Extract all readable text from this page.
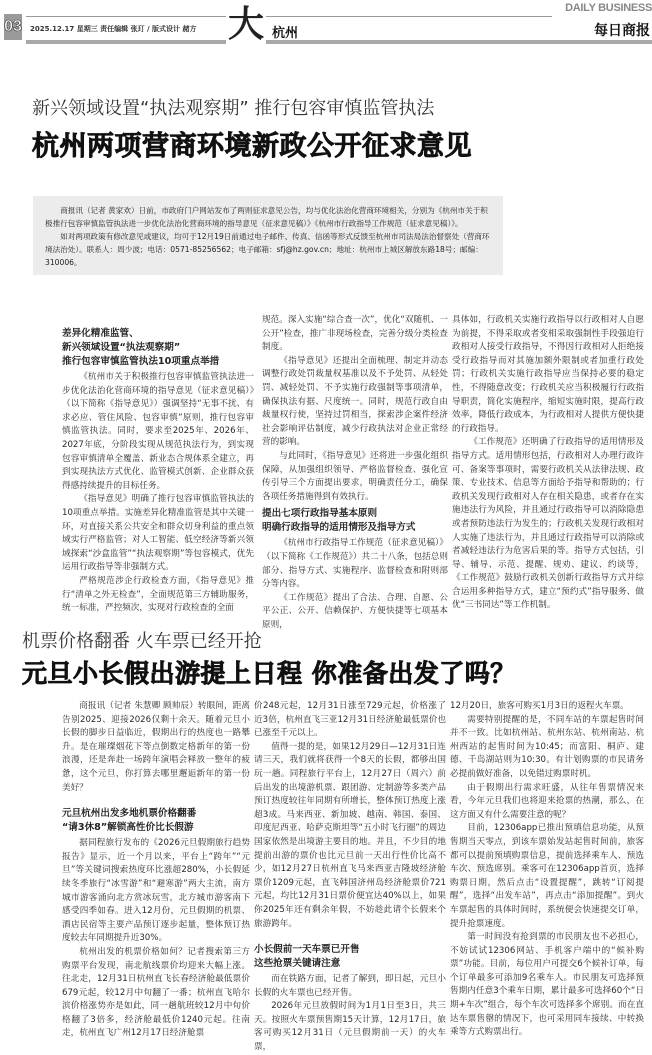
03 2025.12.17 星期三 责任编辑 张玎 / 版式设计 赭方 大 杭州
DAILY BUSINESS
每日商报
新兴领域设置“执法观察期” 推行包容审慎监管执法
杭州两项营商环境新政公开征求意见

商报讯（记者 黄家欢）日前，市政府门户网站发布了两则征求意见公告，均与优化法治化营商环境相关，分别为《杭州市关于积极推行包容审慎监管执法进一步优化法治化营商环境的指导意见（征求意见稿）》《杭州市行政指导工作规范（征求意见稿）》。

如对两项政策有修改意见或建议，均可于12月19日前通过电子邮件、传真、信函等形式反馈至杭州市司法局法治督察处（营商环境法治处）。联系人：周少波；电话：0571-85256562；电子邮箱：sfj@hz.gov.cn；地址：杭州市上城区解放东路18号；邮编：310006。

差异化精准监管、
新兴领域设置“执法观察期”
推行包容审慎监管执法10项重点举措

《杭州市关于积极推行包容审慎监管执法进一步优化法治化营商环境的指导意见（征求意见稿）》（以下简称《指导意见》）强调坚持“无事不扰、有求必应、管住风险、包容审慎”原则，推行包容审慎监管执法。同时，要求至2025年、2026年、2027年底，分阶段实现从规范执法行为，到实现包容审慎清单全覆盖、新业态合规体系全建立，再到实现执法方式优化、监管模式创新、企业群众获得感持续提升的目标任务。

《指导意见》明确了推行包容审慎监管执法的10项重点举措。实施差异化精准监管是其中关键一环，对直接关系公共安全和群众切身利益的重点领域实行严格监管；对人工智能、低空经济等新兴领域探索“沙盒监管”“执法观察期”等包容模式，优先运用行政指导等非强制方式。

严格规范涉企行政检查方面，《指导意见》推行“清单之外无检查”，全面规范第三方辅助服务，统一标准，严控频次，实现对行政检查的全面

规范。深入实施“综合查一次”，优化“双随机、一公开”检查，推广非现场检查，完善分级分类检查制度。

《指导意见》还提出全面梳理、制定并动态调整行政处罚裁量权基准以及不予处罚、从轻处罚、减轻处罚、不予实施行政强制等事项清单，确保执法有据、尺度统一。同时，规范行政自由裁量权行使，坚持过罚相当，探索涉企案件经济社会影响评估制度，减少行政执法对企业正常经营的影响。

与此同时，《指导意见》还将进一步强化组织保障，从加强组织领导、严格监督检查、强化宣传引导三个方面提出要求，明确责任分工，确保各项任务措施得到有效执行。

提出七项行政指导基本原则
明确行政指导的适用情形及指导方式

《杭州市行政指导工作规范（征求意见稿）》（以下简称《工作规范》）共二十八条，包括总则部分、指导方式、实施程序、监督检查和附则部分等内容。

《工作规范》提出了合法、合理、自愿、公平公正、公开、信赖保护、方便快捷等七项基本原则，

具体如，行政机关实施行政指导以行政相对人自愿为前提，不得采取或者变相采取强制性手段强迫行政相对人接受行政指导，不得因行政相对人拒绝接受行政指导而对其施加额外限制或者加重行政处罚；行政机关实施行政指导应当保持必要的稳定性，不得随意改变；行政机关应当积极履行行政指导职责，简化实施程序，缩短实施时限，提高行政效率，降低行政成本，为行政相对人提供方便快捷的行政指导。

《工作规范》还明确了行政指导的适用情形及指导方式。适用情形包括，行政相对人办理行政许可、备案等事项时，需要行政机关从法律法规、政策、专业技术、信息等方面给予指导和帮助的；行政机关发现行政相对人存在相关隐患，或者存在实施违法行为风险，并且通过行政指导可以消除隐患或者预防违法行为发生的；行政机关发现行政相对人实施了违法行为，并且通过行政指导可以消除或者减轻违法行为危害后果的等。指导方式包括，引导、辅导、示范、提醒、规劝、建议、约谈等，《工作规范》鼓励行政机关创新行政指导方式并综合运用多种指导方式，建立“预约式”指导服务、做优“三书同达”等工作机制。

机票价格翻番 火车票已经开抢
元旦小长假出游提上日程 你准备出发了吗？

商报讯（记者 朱慧卿 顾帅辰）转眼间，距离告别2025、迎接2026仅剩十余天。随着元旦小长假的脚步日益临近，假期出行的热度也一路攀升。是在璀璨烟花下等点倒数定格新年的第一份浪漫，还是奔赴一场跨年演唱会释放一整年的疲惫，这个元旦，你打算去哪里邂逅新年的第一份美好？

元旦杭州出发多地机票价格翻番
“请3休8”解锁高性价比长假游

据同程旅行发布的《2026元旦假期旅行趋势报告》显示，近一个月以来，平台上“跨年”“元旦”等关键词搜索热度环比涨超280%，小长假延续冬季旅行“冰雪游”和“避寒游”两大主流，南方城市游客涌向北方赏冰玩雪，北方城市游客南下感受四季如春。进入12月份，元旦假期的机票、酒店民宿等主要产品预订逐步起量，整体预订热度较去年同期提升近30%。

杭州出发的机票价格如何？记者搜索第三方购票平台发现，南北航线票价均迎来大幅上涨。往北走，12月31日杭州直飞长春经济舱最低票价679元起，较12月中旬翻了一番；杭州直飞哈尔滨价格涨势亦是如此，同一趟航班较12月中旬价格翻了3倍多，经济舱最低价1240元起。往南走，杭州直飞广州12月17日经济舱票

价248元起，12月31日涨至729元起，价格涨了近3倍，杭州直飞三亚12月31日经济舱最低票价也已涨至千元以上。

值得一提的是，如果12月29日—12月31日连请三天，我们就将获得一个8天的长假，都够出国玩一趟。同程旅行平台上，12月27日（周六）前后出发的出境游机票、跟团游、定制游等多类产品预订热度较往年同期有所增长，整体预订热度上涨超3成。马来西亚、新加坡、越南、韩国、泰国、印度尼西亚、哈萨克斯坦等“五小时飞行圈”的周边国家依然是出境游主要目的地。并且，不少目的地提前出游的票价也比元旦前一天出行性价比高不少，如12月27日杭州直飞马来西亚吉隆坡经济舱票价1209元起，直飞韩国济州岛经济舱票价721元起，均比12月31日票价便宜达40%以上，如果你2025年还有剩余年假，不妨趁此请个长假来个旅游跨年。

小长假前一天车票已开售
这些抢票关键请注意

而在铁路方面，记者了解到，即日起，元旦小长假的火车票也已经开售。

2026年元旦放假时间为1月1日至3日，共三天。按照火车票预售期15天计算，12月17日，旅客可购买12月31日（元旦假期前一天）的火车票，

12月20日，旅客可购买1月3日的返程火车票。

需要特别提醒的是，不同车站的车票起售时间并不一致。比如杭州站、杭州东站、杭州南站、杭州西站的起售时间为10:45；而富阳、桐庐、建德、千岛湖站则为10:30。有计划购票的市民请务必提前做好准备，以免错过购票时机。

由于假期出行需求旺盛，从往年售票情况来看，今年元旦我们也将迎来抢票的热潮，那么，在这方面又有什么需要注意的呢？

目前，12306app已推出预填信息功能，从预售期当天零点，到该车票始发站起售时间前，旅客都可以提前预填购票信息，提前选择乘车人、预选车次、预选席别。乘客可在12306app首页，选择购票日期，然后点击“设置提醒”，跳转“订阅提醒”，选择“出发车站”，再点击“添加提醒”。到火车票起售的具体时间时，系统便会快速提交订单，提升抢票速度。

第一时间没有抢到票的市民朋友也不必担心，不妨试试12306网站、手机客户端中的“候补购票”功能。目前，每位用户可提交6个候补订单，每个订单最多可添加9名乘车人。市民朋友可选择预售期内任意3个乘车日期，累计最多可选择60个“日期+车次”组合，每个车次可选择多个席别。而在直达车票售罄的情况下，也可采用同车接续、中转换乘等方式购票出行。
